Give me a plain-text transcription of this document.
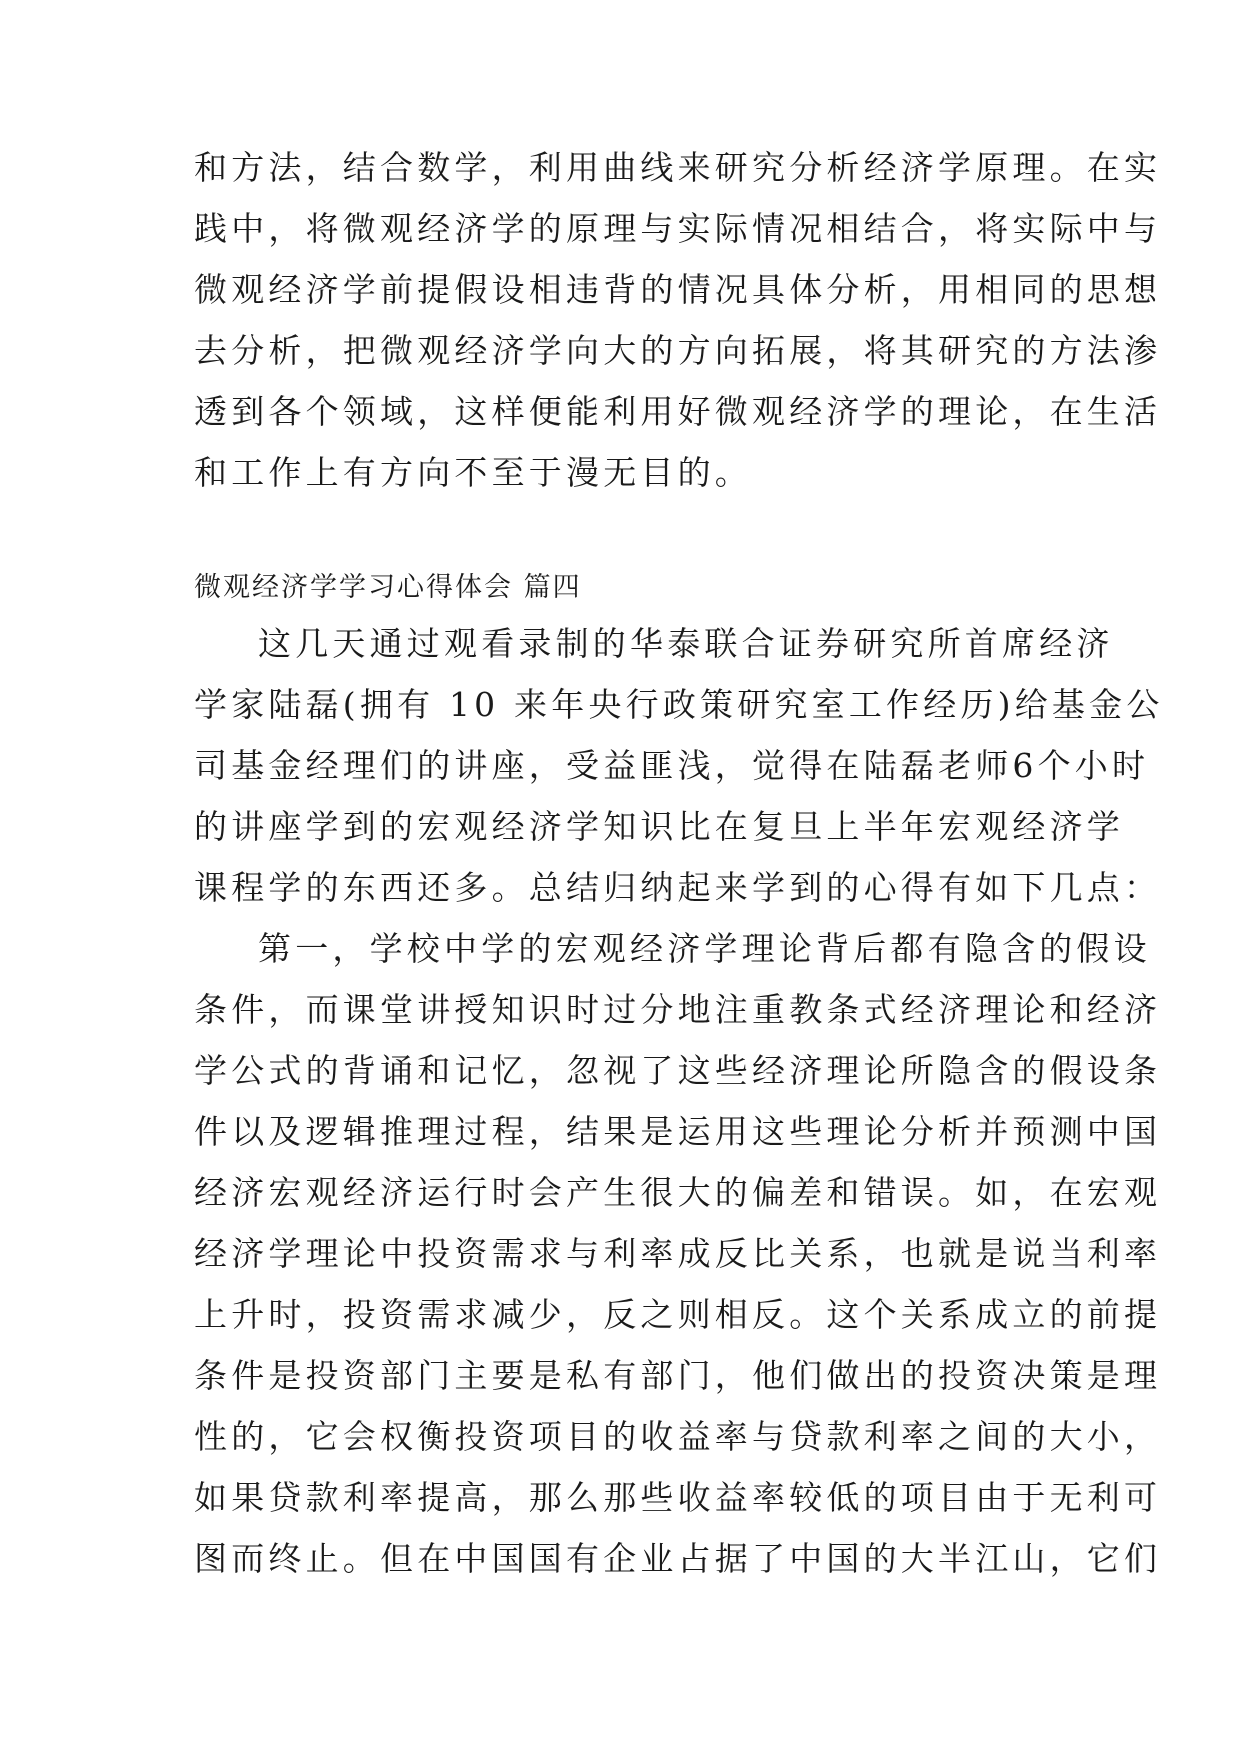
和方法，结合数学，利用曲线来研究分析经济学原理。在实
践中，将微观经济学的原理与实际情况相结合，将实际中与
微观经济学前提假设相违背的情况具体分析，用相同的思想
去分析，把微观经济学向大的方向拓展，将其研究的方法渗
透到各个领域，这样便能利用好微观经济学的理论，在生活
和工作上有方向不至于漫无目的。
微观经济学学习心得体会 篇四
这几天通过观看录制的华泰联合证券研究所首席经济
学家陆磊(拥有 10 来年央行政策研究室工作经历)给基金公
司基金经理们的讲座，受益匪浅，觉得在陆磊老师6个小时
的讲座学到的宏观经济学知识比在复旦上半年宏观经济学
课程学的东西还多。总结归纳起来学到的心得有如下几点：
第一，学校中学的宏观经济学理论背后都有隐含的假设
条件，而课堂讲授知识时过分地注重教条式经济理论和经济
学公式的背诵和记忆，忽视了这些经济理论所隐含的假设条
件以及逻辑推理过程，结果是运用这些理论分析并预测中国
经济宏观经济运行时会产生很大的偏差和错误。如，在宏观
经济学理论中投资需求与利率成反比关系，也就是说当利率
上升时，投资需求减少，反之则相反。这个关系成立的前提
条件是投资部门主要是私有部门，他们做出的投资决策是理
性的，它会权衡投资项目的收益率与贷款利率之间的大小，
如果贷款利率提高，那么那些收益率较低的项目由于无利可
图而终止。但在中国国有企业占据了中国的大半江山，它们
